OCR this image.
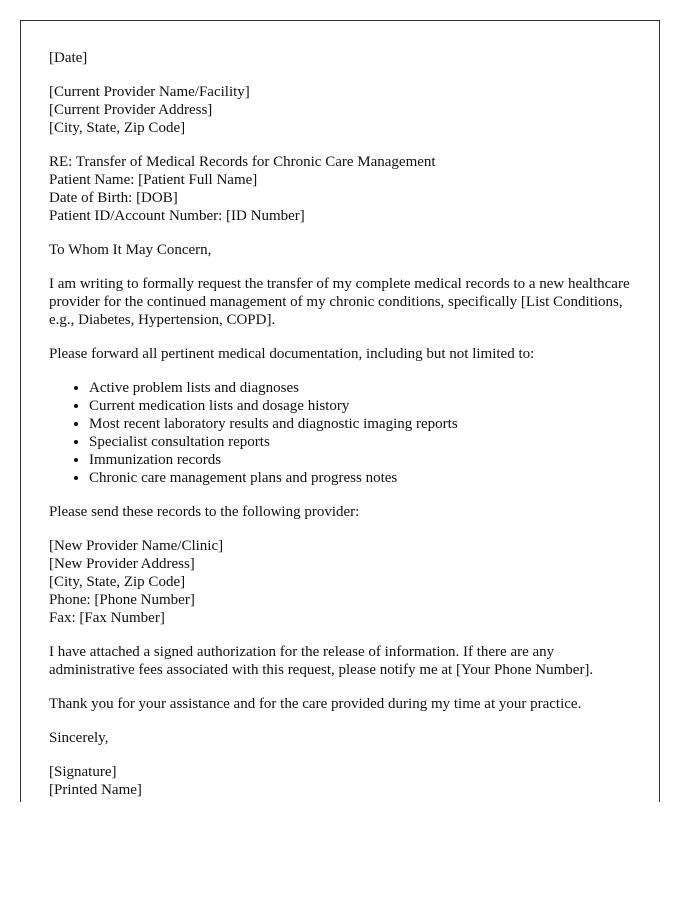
[Date]

[Current Provider Name/Facility]
[Current Provider Address]
[City, State, Zip Code]

RE: Transfer of Medical Records for Chronic Care Management
Patient Name: [Patient Full Name]
Date of Birth: [DOB]
Patient ID/Account Number: [ID Number]

To Whom It May Concern,

I am writing to formally request the transfer of my complete medical records to a new healthcare provider for the continued management of my chronic conditions, specifically [List Conditions, e.g., Diabetes, Hypertension, COPD].

Please forward all pertinent medical documentation, including but not limited to:

• Active problem lists and diagnoses
• Current medication lists and dosage history
• Most recent laboratory results and diagnostic imaging reports
• Specialist consultation reports
• Immunization records
• Chronic care management plans and progress notes

Please send these records to the following provider:

[New Provider Name/Clinic]
[New Provider Address]
[City, State, Zip Code]
Phone: [Phone Number]
Fax: [Fax Number]

I have attached a signed authorization for the release of information. If there are any administrative fees associated with this request, please notify me at [Your Phone Number].

Thank you for your assistance and for the care provided during my time at your practice.

Sincerely,

[Signature]
[Printed Name]
